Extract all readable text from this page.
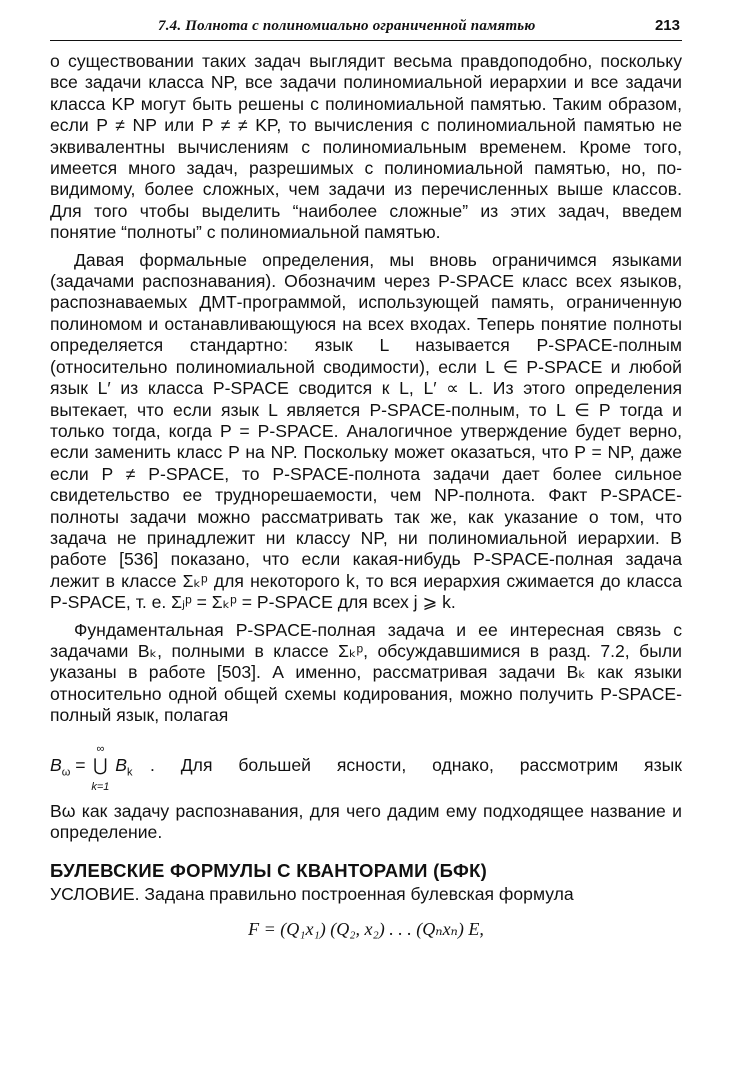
7.4. Полнота с полиномиально ограниченной памятью	213

о существовании таких задач выглядит весьма правдоподобно, поскольку все задачи класса NP, все задачи полиномиальной иерархии и все задачи класса KP могут быть решены с полиномиальной памятью. Таким образом, если P ≠ NP или P ≠ ≠ KP, то вычисления с полиномиальной памятью не эквивалентны вычислениям с полиномиальным временем. Кроме того, имеется много задач, разрешимых с полиномиальной памятью, но, по-видимому, более сложных, чем задачи из перечисленных выше классов. Для того чтобы выделить “наиболее сложные” из этих задач, введем понятие “полноты” с полиномиальной памятью.

Давая формальные определения, мы вновь ограничимся языками (задачами распознавания). Обозначим через P-SPACE класс всех языков, распознаваемых ДМТ-программой, использующей память, ограниченную полиномом и останавливающуюся на всех входах. Теперь понятие полноты определяется стандартно: язык L называется P-SPACE-полным (относительно полиномиальной сводимости), если L ∈ P-SPACE и любой язык L′ из класса P-SPACE сводится к L, L′ ∝ L. Из этого определения вытекает, что если язык L является P-SPACE-полным, то L ∈ P тогда и только тогда, когда P = P-SPACE. Аналогичное утверждение будет верно, если заменить класс P на NP. Поскольку может оказаться, что P = NP, даже если P ≠ P-SPACE, то P-SPACE-полнота задачи дает более сильное свидетельство ее труднорешаемости, чем NP-полнота. Факт P-SPACE-полноты задачи можно рассматривать так же, как указание о том, что задача не принадлежит ни классу NP, ни полиномиальной иерархии. В работе [536] показано, что если какая-нибудь P-SPACE-полная задача лежит в классе Σₖᵖ для некоторого k, то вся иерархия сжимается до класса P-SPACE, т. е. Σⱼᵖ = Σₖᵖ = P-SPACE для всех j ⩾ k.

Фундаментальная P-SPACE-полная задача и ее интересная связь с задачами Bₖ, полными в классе Σₖᵖ, обсуждавшимися в разд. 7.2, были указаны в работе [503]. А именно, рассматривая задачи Bₖ как языки относительно одной общей схемы кодирования, можно получить P-SPACE-полный язык, полагая

$B_\omega$ =
∞
⋃
k=1
$B_k$ . Для большей ясности, однако, рассмотрим язык

Bω как задачу распознавания, для чего дадим ему подходящее название и определение.

БУЛЕВСКИЕ ФОРМУЛЫ С КВАНТОРАМИ (БФК)
УСЛОВИЕ. Задана правильно построенная булевская формула
F = (Q₁x₁) (Q₂, x₂) . . . (Qₙxₙ) E,
